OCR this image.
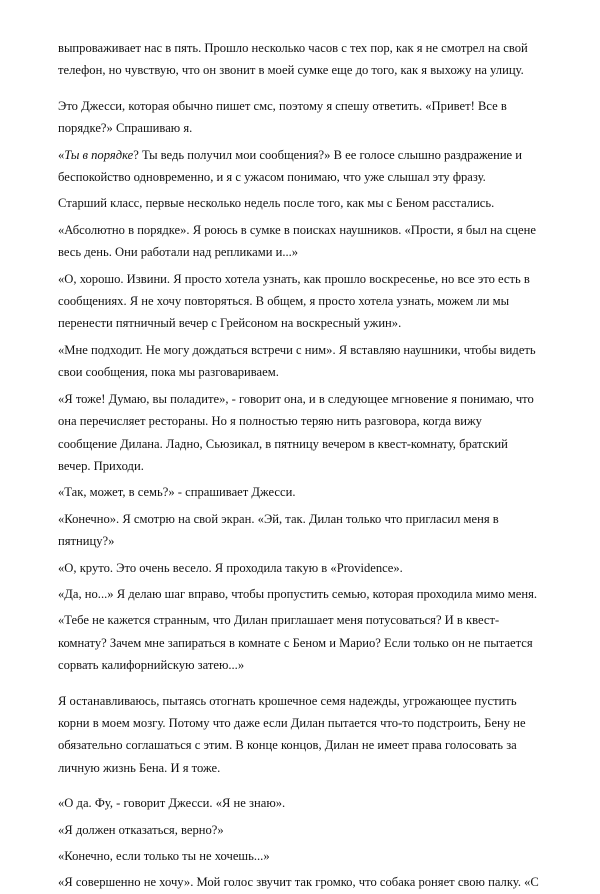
выпроваживает нас в пять. Прошло несколько часов с тех пор, как я не смотрел на свой телефон, но чувствую, что он звонит в моей сумке еще до того, как я выхожу на улицу.

Это Джесси, которая обычно пишет смс, поэтому я спешу ответить. «Привет! Все в порядке?» Спрашиваю я.

«Ты в порядке? Ты ведь получил мои сообщения?» В ее голосе слышно раздражение и беспокойство одновременно, и я с ужасом понимаю, что уже слышал эту фразу.

Старший класс, первые несколько недель после того, как мы с Беном расстались.

«Абсолютно в порядке». Я роюсь в сумке в поисках наушников. «Прости, я был на сцене весь день. Они работали над репликами и...»

«О, хорошо. Извини. Я просто хотела узнать, как прошло воскресенье, но все это есть в сообщениях. Я не хочу повторяться. В общем, я просто хотела узнать, можем ли мы перенести пятничный вечер с Грейсоном на воскресный ужин».

«Мне подходит. Не могу дождаться встречи с ним». Я вставляю наушники, чтобы видеть свои сообщения, пока мы разговариваем.

«Я тоже! Думаю, вы поладите», - говорит она, и в следующее мгновение я понимаю, что она перечисляет рестораны. Но я полностью теряю нить разговора, когда вижу сообщение Дилана. Ладно, Сьюзикал, в пятницу вечером в квест-комнату, братский вечер. Приходи.

«Так, может, в семь?» - спрашивает Джесси.

«Конечно». Я смотрю на свой экран. «Эй, так. Дилан только что пригласил меня в пятницу?»

«О, круто. Это очень весело. Я проходила такую в «Providence».

«Да, но...» Я делаю шаг вправо, чтобы пропустить семью, которая проходила мимо меня.

«Тебе не кажется странным, что Дилан приглашает меня потусоваться? И в квест-комнату? Зачем мне запираться в комнате с Беном и Марио? Если только он не пытается сорвать калифорнийскую затею...»

Я останавливаюсь, пытаясь отогнать крошечное семя надежды, угрожающее пустить корни в моем мозгу. Потому что даже если Дилан пытается что-то подстроить, Бену не обязательно соглашаться с этим. В конце концов, Дилан не имеет права голосовать за личную жизнь Бена. И я тоже.

«О да. Фу, - говорит Джесси. «Я не знаю».

«Я должен отказаться, верно?»

«Конечно, если только ты не хочешь...»

«Я совершенно не хочу». Мой голос звучит так громко, что собака роняет свою палку. «С
